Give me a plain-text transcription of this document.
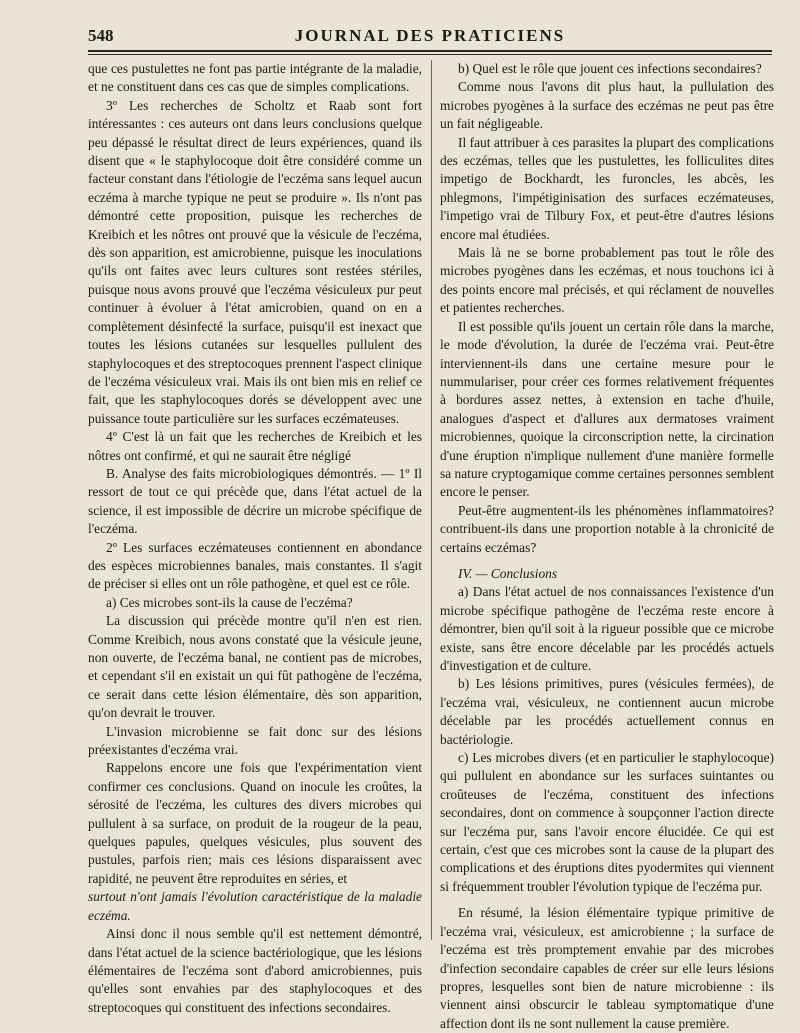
548	JOURNAL DES PRATICIENS

que ces pustulettes ne font pas partie intégrante de la maladie, et ne constituent dans ces cas que de simples complications.

3º Les recherches de Scholtz et Raab sont fort intéressantes : ces auteurs ont dans leurs conclusions quelque peu dépassé le résultat direct de leurs expériences, quand ils disent que « le staphylocoque doit être considéré comme un facteur constant dans l'étiologie de l'eczéma sans lequel aucun eczéma à marche typique ne peut se produire ». Ils n'ont pas démontré cette proposition, puisque les recherches de Kreibich et les nôtres ont prouvé que la vésicule de l'eczéma, dès son apparition, est amicrobienne, puisque les inoculations qu'ils ont faites avec leurs cultures sont restées stériles, puisque nous avons prouvé que l'eczéma vésiculeux pur peut continuer à évoluer à l'état amicrobien, quand on en a complètement désinfecté la surface, puisqu'il est inexact que toutes les lésions cutanées sur lesquelles pullulent des staphylocoques et des streptocoques prennent l'aspect clinique de l'eczéma vésiculeux vrai. Mais ils ont bien mis en relief ce fait, que les staphylocoques dorés se développent avec une puissance toute particulière sur les surfaces eczémateuses.

4º C'est là un fait que les recherches de Kreibich et les nôtres ont confirmé, et qui ne saurait être négligé

B. Analyse des faits microbiologiques démontrés. — 1º Il ressort de tout ce qui précède que, dans l'état actuel de la science, il est impossible de décrire un microbe spécifique de l'eczéma.

2º Les surfaces eczémateuses contiennent en abondance des espèces microbiennes banales, mais constantes. Il s'agit de préciser si elles ont un rôle pathogène, et quel est ce rôle.

a) Ces microbes sont-ils la cause de l'eczéma?

La discussion qui précède montre qu'il n'en est rien. Comme Kreibich, nous avons constaté que la vésicule jeune, non ouverte, de l'eczéma banal, ne contient pas de microbes, et cependant s'il en existait un qui fût pathogène de l'eczéma, ce serait dans cette lésion élémentaire, dès son apparition, qu'on devrait le trouver.

L'invasion microbienne se fait donc sur des lésions préexistantes d'eczéma vrai.

Rappelons encore une fois que l'expérimentation vient confirmer ces conclusions. Quand on inocule les croûtes, la sérosité de l'eczéma, les cultures des divers microbes qui pullulent à sa surface, on produit de la rougeur de la peau, quelques papules, quelques vésicules, plus souvent des pustules, parfois rien; mais ces lésions disparaissent avec rapidité, ne peuvent être reproduites en séries, et

surtout n'ont jamais l'évolution caractéristique de la maladie eczéma.

Ainsi donc il nous semble qu'il est nettement démontré, dans l'état actuel de la science bactériologique, que les lésions élémentaires de l'eczéma sont d'abord amicrobiennes, puis qu'elles sont envahies par des staphylocoques et des streptocoques qui constituent des infections secondaires.

b) Quel est le rôle que jouent ces infections secondaires?

Comme nous l'avons dit plus haut, la pullulation des microbes pyogènes à la surface des eczémas ne peut pas être un fait négligeable.

Il faut attribuer à ces parasites la plupart des complications des eczémas, telles que les pustulettes, les folliculites dites impetigo de Bockhardt, les furoncles, les abcès, les phlegmons, l'impétiginisation des surfaces eczémateuses, l'impetigo vrai de Tilbury Fox, et peut-être d'autres lésions encore mal étudiées.

Mais là ne se borne probablement pas tout le rôle des microbes pyogènes dans les eczémas, et nous touchons ici à des points encore mal précisés, et qui réclament de nouvelles et patientes recherches.

Il est possible qu'ils jouent un certain rôle dans la marche, le mode d'évolution, la durée de l'eczéma vrai. Peut-être interviennent-ils dans une certaine mesure pour le nummulariser, pour créer ces formes relativement fréquentes à bordures assez nettes, à extension en tache d'huile, analogues d'aspect et d'allures aux dermatoses vraiment microbiennes, quoique la circonscription nette, la circination d'une éruption n'implique nullement d'une manière formelle sa nature cryptogamique comme certaines personnes semblent encore le penser.

Peut-être augmentent-ils les phénomènes inflammatoires? contribuent-ils dans une proportion notable à la chronicité de certains eczémas?

IV. — Conclusions

a) Dans l'état actuel de nos connaissances l'existence d'un microbe spécifique pathogène de l'eczéma reste encore à démontrer, bien qu'il soit à la rigueur possible que ce microbe existe, sans être encore décelable par les procédés actuels d'investigation et de culture.

b) Les lésions primitives, pures (vésicules fermées), de l'eczéma vrai, vésiculeux, ne contiennent aucun microbe décelable par les procédés actuellement connus en bactériologie.

c) Les microbes divers (et en particulier le staphylocoque) qui pullulent en abondance sur les surfaces suintantes ou croûteuses de l'eczéma, constituent des infections secondaires, dont on commence à soupçonner l'action directe sur l'eczéma pur, sans l'avoir encore élucidée. Ce qui est certain, c'est que ces microbes sont la cause de la plupart des complications et des éruptions dites pyodermites qui viennent si fréquemment troubler l'évolution typique de l'eczéma pur.

En résumé, la lésion élémentaire typique primitive de l'eczéma vrai, vésiculeux, est amicrobienne ; la surface de l'eczéma est très promptement envahie par des microbes d'infection secondaire capables de créer sur elle leurs lésions propres, lesquelles sont bien de nature microbienne : ils viennent ainsi obscurcir le tableau symptomatique d'une affection dont ils ne sont nullement la cause première.
